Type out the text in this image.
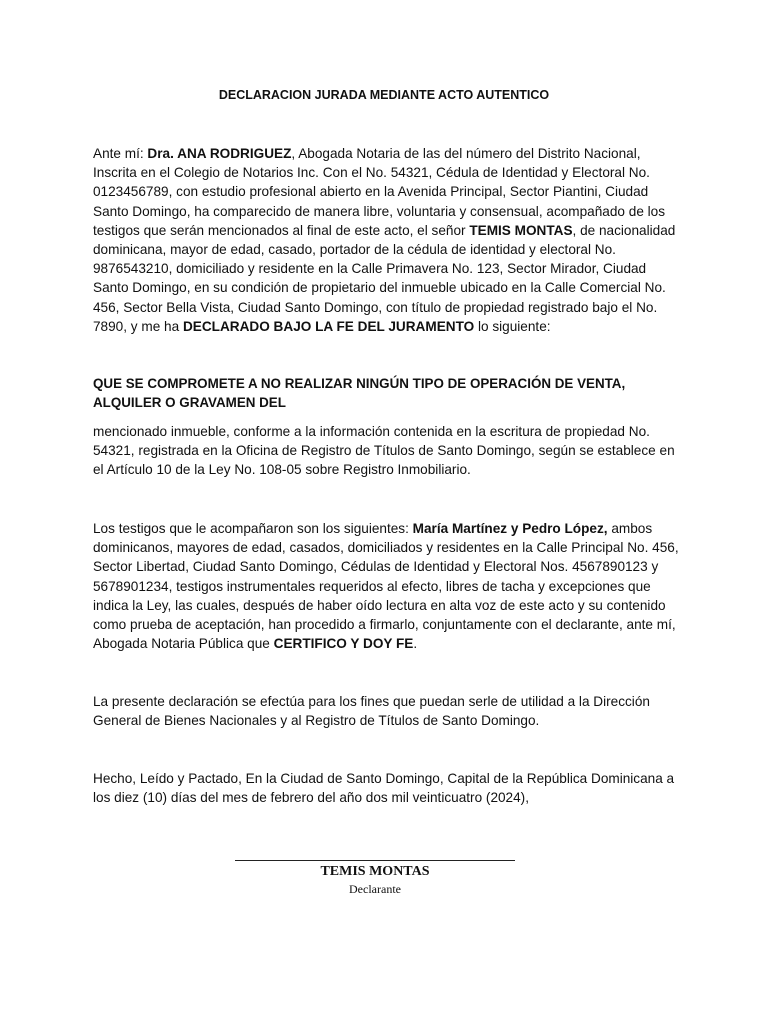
DECLARACION JURADA MEDIANTE ACTO AUTENTICO
Ante mí: Dra. ANA RODRIGUEZ, Abogada Notaria de las del número del Distrito Nacional, Inscrita en el Colegio de Notarios Inc. Con el No. 54321, Cédula de Identidad y Electoral No. 0123456789, con estudio profesional abierto en la Avenida Principal, Sector Piantini, Ciudad Santo Domingo, ha comparecido de manera libre, voluntaria y consensual, acompañado de los testigos que serán mencionados al final de este acto, el señor TEMIS MONTAS, de nacionalidad dominicana, mayor de edad, casado, portador de la cédula de identidad y electoral No. 9876543210, domiciliado y residente en la Calle Primavera No. 123, Sector Mirador, Ciudad Santo Domingo, en su condición de propietario del inmueble ubicado en la Calle Comercial No. 456, Sector Bella Vista, Ciudad Santo Domingo, con título de propiedad registrado bajo el No. 7890, y me ha DECLARADO BAJO LA FE DEL JURAMENTO lo siguiente:
QUE SE COMPROMETE A NO REALIZAR NINGÚN TIPO DE OPERACIÓN DE VENTA, ALQUILER O GRAVAMEN DEL
mencionado inmueble, conforme a la información contenida en la escritura de propiedad No. 54321, registrada en la Oficina de Registro de Títulos de Santo Domingo, según se establece en el Artículo 10 de la Ley No. 108-05 sobre Registro Inmobiliario.
Los testigos que le acompañaron son los siguientes: María Martínez y Pedro López, ambos dominicanos, mayores de edad, casados, domiciliados y residentes en la Calle Principal No. 456, Sector Libertad, Ciudad Santo Domingo, Cédulas de Identidad y Electoral Nos. 4567890123 y 5678901234, testigos instrumentales requeridos al efecto, libres de tacha y excepciones que indica la Ley, las cuales, después de haber oído lectura en alta voz de este acto y su contenido como prueba de aceptación, han procedido a firmarlo, conjuntamente con el declarante, ante mí, Abogada Notaria Pública que CERTIFICO Y DOY FE.
La presente declaración se efectúa para los fines que puedan serle de utilidad a la Dirección General de Bienes Nacionales y al Registro de Títulos de Santo Domingo.
Hecho, Leído y Pactado, En la Ciudad de Santo Domingo, Capital de la República Dominicana a los diez (10) días del mes de febrero del año dos mil veinticuatro (2024),
TEMIS MONTAS
Declarante
